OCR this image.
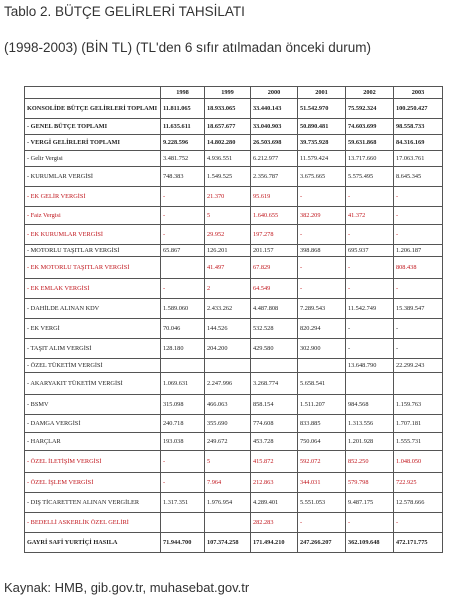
Tablo 2. BÜTÇE GELİRLERİ TAHSİLATI
(1998-2003) (BİN TL) (TL'den 6 sıfır atılmadan önceki durum)
	1998	1999	2000	2001	2002	2003
KONSOLİDE BÜTÇE GELİRLERİ TOPLAMI	11.811.065	18.933.065	33.440.143	51.542.970	75.592.324	100.250.427
- GENEL BÜTÇE TOPLAMI	11.635.611	18.657.677	33.040.903	50.890.481	74.603.699	98.558.733
- VERGİ GELİRLERİ TOPLAMI	9.228.596	14.802.280	26.503.698	39.735.928	59.631.868	84.316.169
- Gelir Vergisi	3.481.752	4.936.551	6.212.977	11.579.424	13.717.660	17.063.761
- KURUMLAR VERGİSİ	748.383	1.549.525	2.356.787	3.675.665	5.575.495	8.645.345
- EK GELİR VERGİSİ	-	21.370	95.619	-	-	-
- Faiz Vergisi	-	5	1.640.655	382.209	41.372	-
- EK KURUMLAR VERGİSİ	-	29.952	197.278	-	-	-
- MOTORLU TAŞITLAR VERGİSİ	65.867	126.201	201.157	398.868	695.937	1.206.187
- EK MOTORLU TAŞITLAR VERGİSİ		41.497	67.829	-	-	808.438
- EK EMLAK VERGİSİ	-	2	64.549	-	-	-
- DAHİLDE ALINAN KDV	1.589.060	2.433.262	4.487.808	7.289.543	11.542.749	15.389.547
- EK VERGİ	70.046	144.526	532.528	820.294	-	-
- TAŞIT ALIM VERGİSİ	128.180	204.200	429.580	302.900	-	-
- ÖZEL TÜKETİM VERGİSİ					13.648.790	22.299.243
- AKARYAKIT TÜKETİM VERGİSİ	1.069.631	2.247.996	3.268.774	5.658.541		
- BSMV	315.098	466.063	858.154	1.511.207	984.568	1.159.763
- DAMGA VERGİSİ	240.718	355.690	774.608	833.885	1.313.556	1.707.181
- HARÇLAR	193.038	249.672	453.728	750.064	1.201.928	1.555.731
- ÖZEL İLETİŞİM VERGİSİ	-	5	415.872	592.072	852.250	1.048.050
- ÖZEL İŞLEM VERGİSİ	-	7.964	212.863	344.031	579.798	722.925
- DIŞ TİCARETTEN ALINAN VERGİLER	1.317.351	1.976.954	4.289.401	5.551.053	9.487.175	12.578.666
- BEDELLİ ASKERLİK ÖZEL GELİRİ			282.283	-	-	-
GAYRİ SAFİ YURTİÇİ HASILA	71.944.700	107.374.258	171.494.210	247.266.207	362.109.648	472.171.775
Kaynak: HMB, gib.gov.tr, muhasebat.gov.tr
